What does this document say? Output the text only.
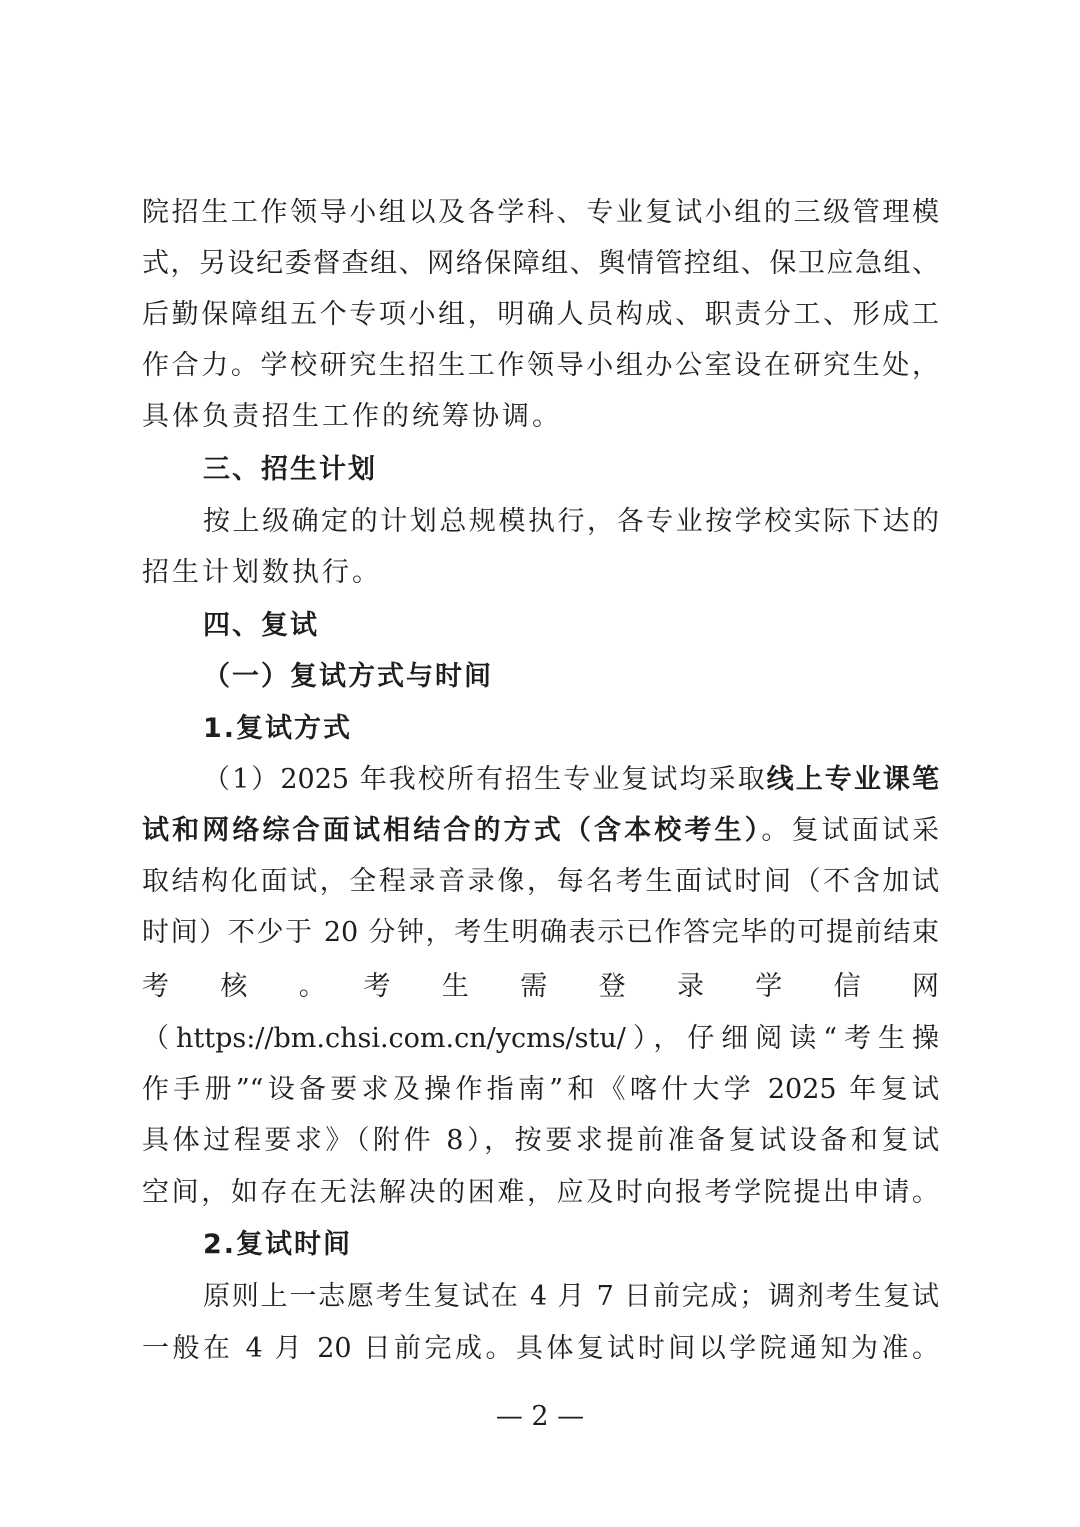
院招生工作领导小组以及各学科、专业复试小组的三级管理模
式，另设纪委督查组、网络保障组、舆情管控组、保卫应急组、
后勤保障组五个专项小组，明确人员构成、职责分工、形成工
作合力。学校研究生招生工作领导小组办公室设在研究生处，
具体负责招生工作的统筹协调。
三、招生计划
按上级确定的计划总规模执行，各专业按学校实际下达的
招生计划数执行。
四、复试
（一）复试方式与时间
1.复试方式
（1）2025 年我校所有招生专业复试均采取线上专业课笔
试和网络综合面试相结合的方式（含本校考生）。复试面试采
取结构化面试，全程录音录像，每名考生面试时间（不含加试
时间）不少于 20 分钟，考生明确表示已作答完毕的可提前结束
考　核　。　考　生　需　登　录　学　信　网
（https://bm.chsi.com.cn/ycms/stu/），仔细阅读“考生操
作手册”“设备要求及操作指南”和《喀什大学 2025 年复试
具体过程要求》（附件 8），按要求提前准备复试设备和复试
空间，如存在无法解决的困难，应及时向报考学院提出申请。
2.复试时间
原则上一志愿考生复试在 4 月 7 日前完成；调剂考生复试
一般在 4 月 20 日前完成。具体复试时间以学院通知为准。
— 2 —
